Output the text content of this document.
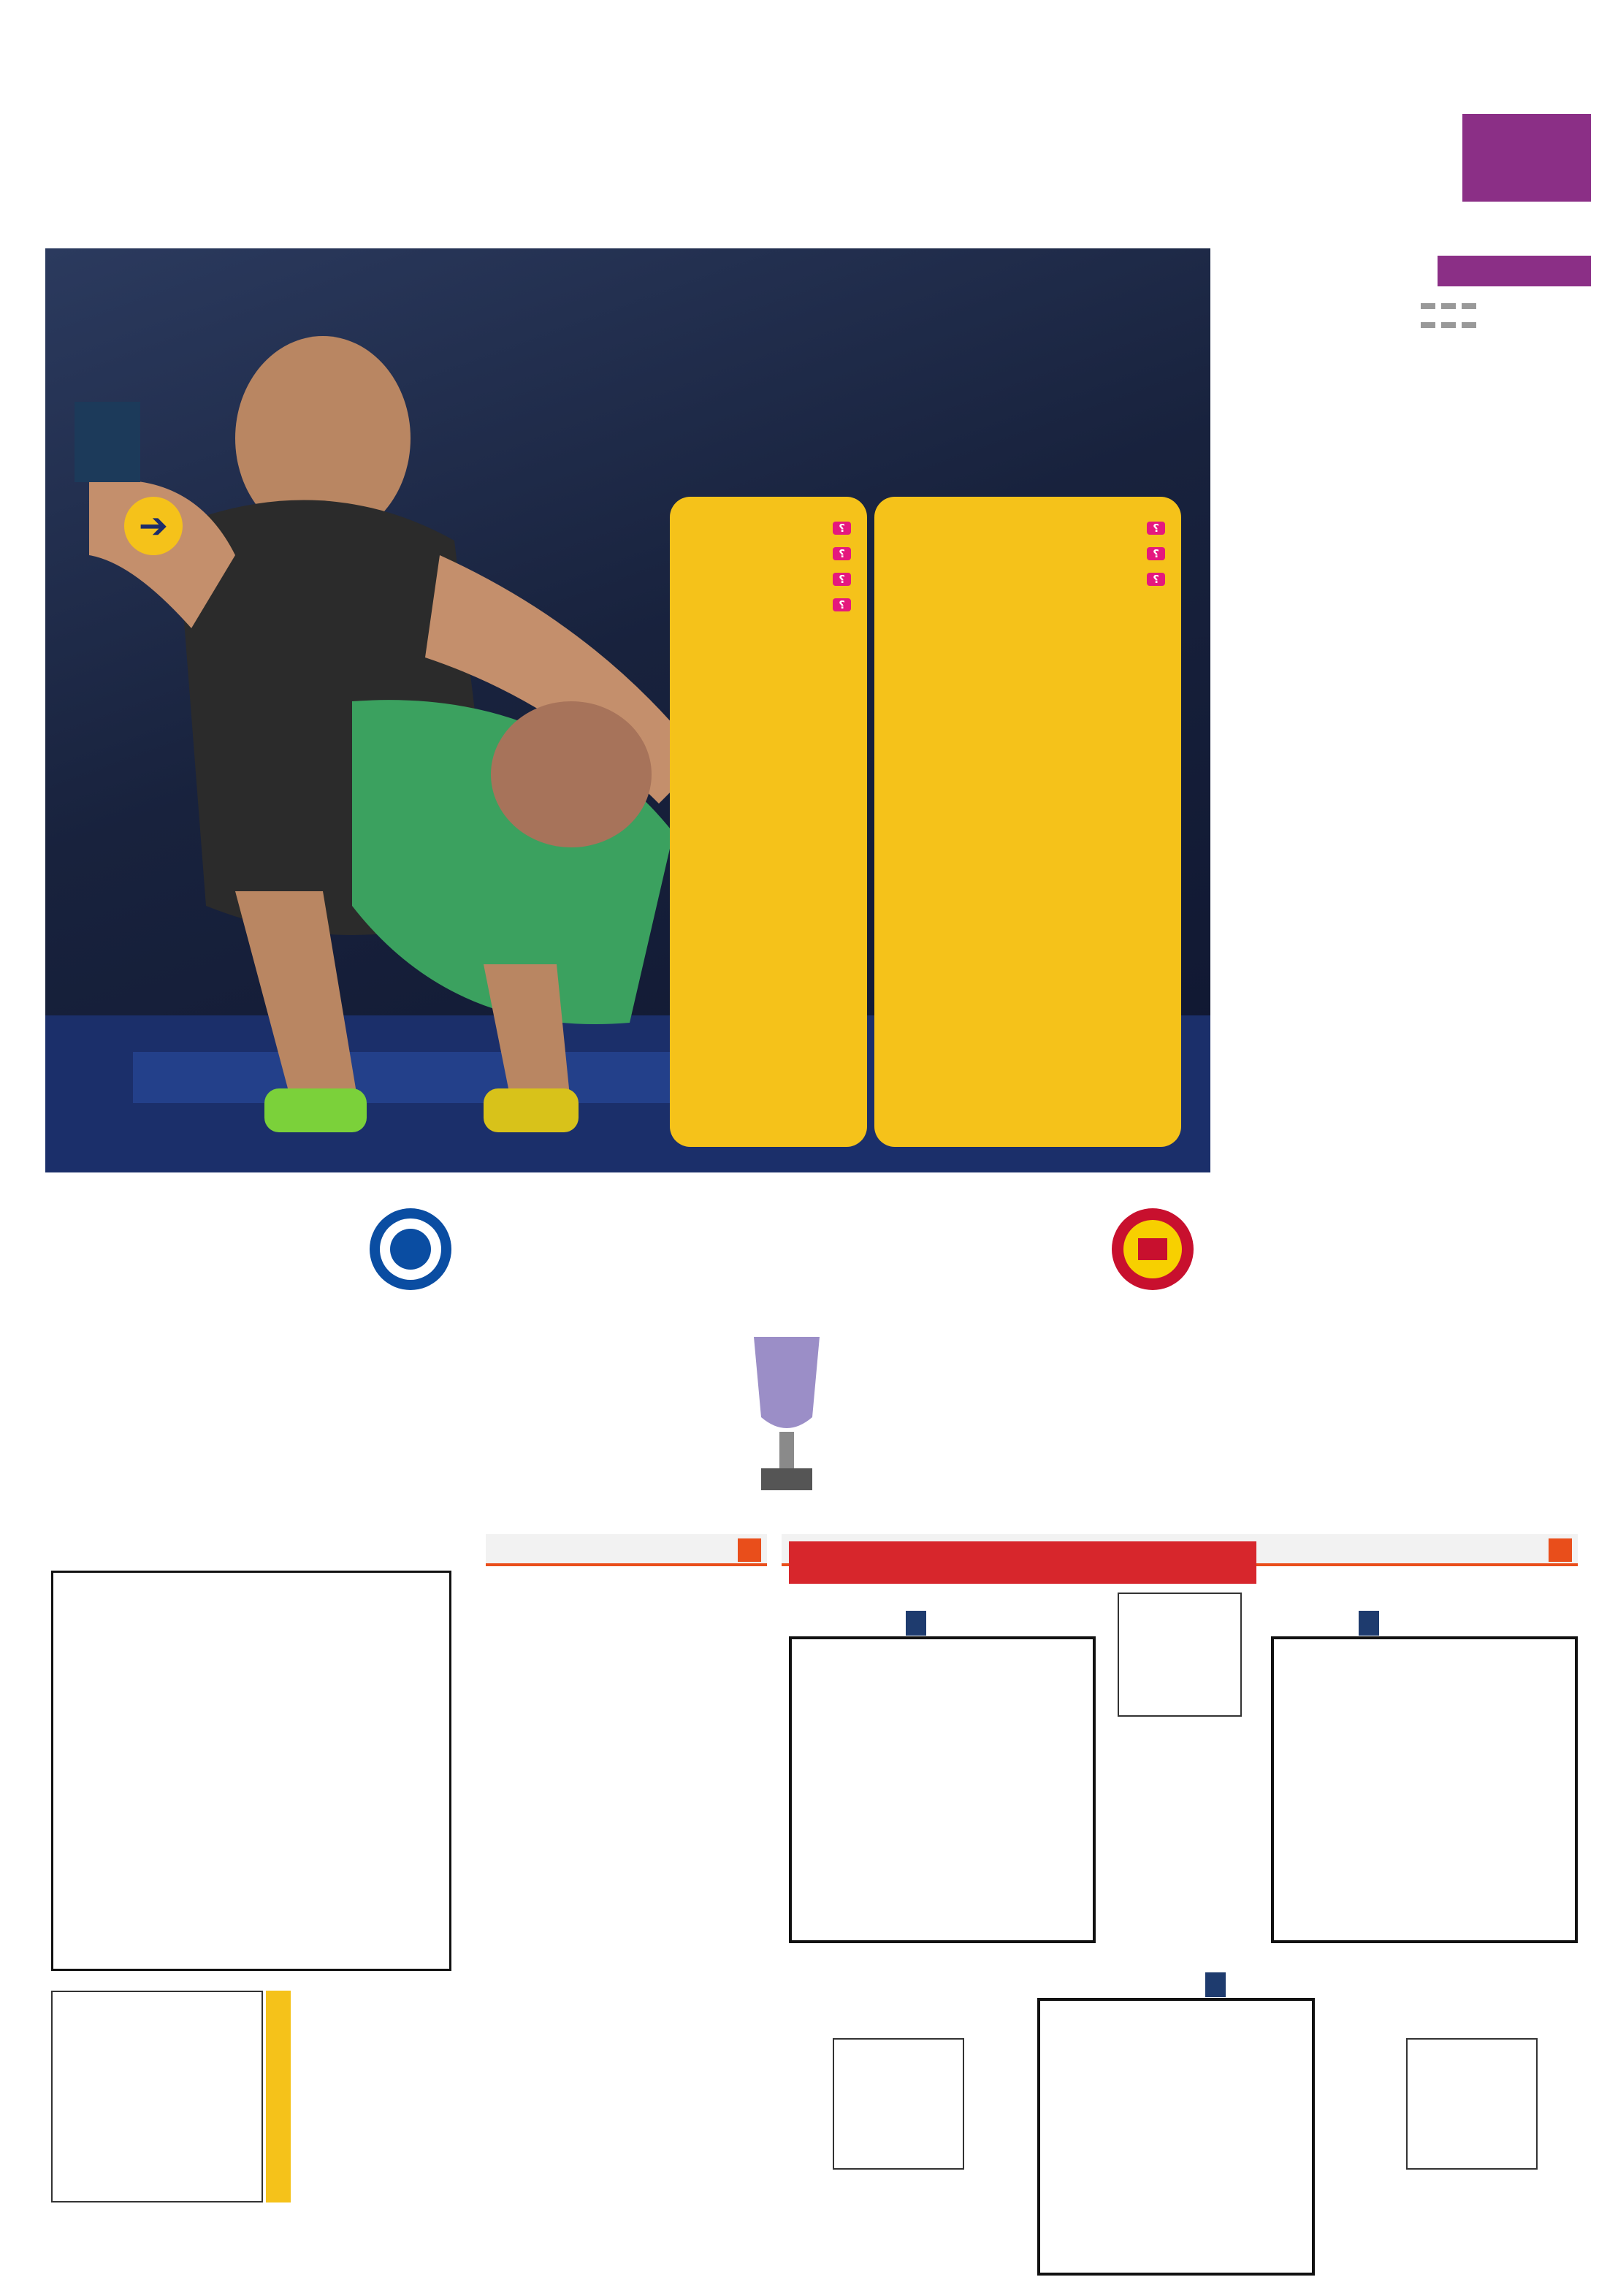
؟
؟
؟
؟
؟
؟
؟
➔
